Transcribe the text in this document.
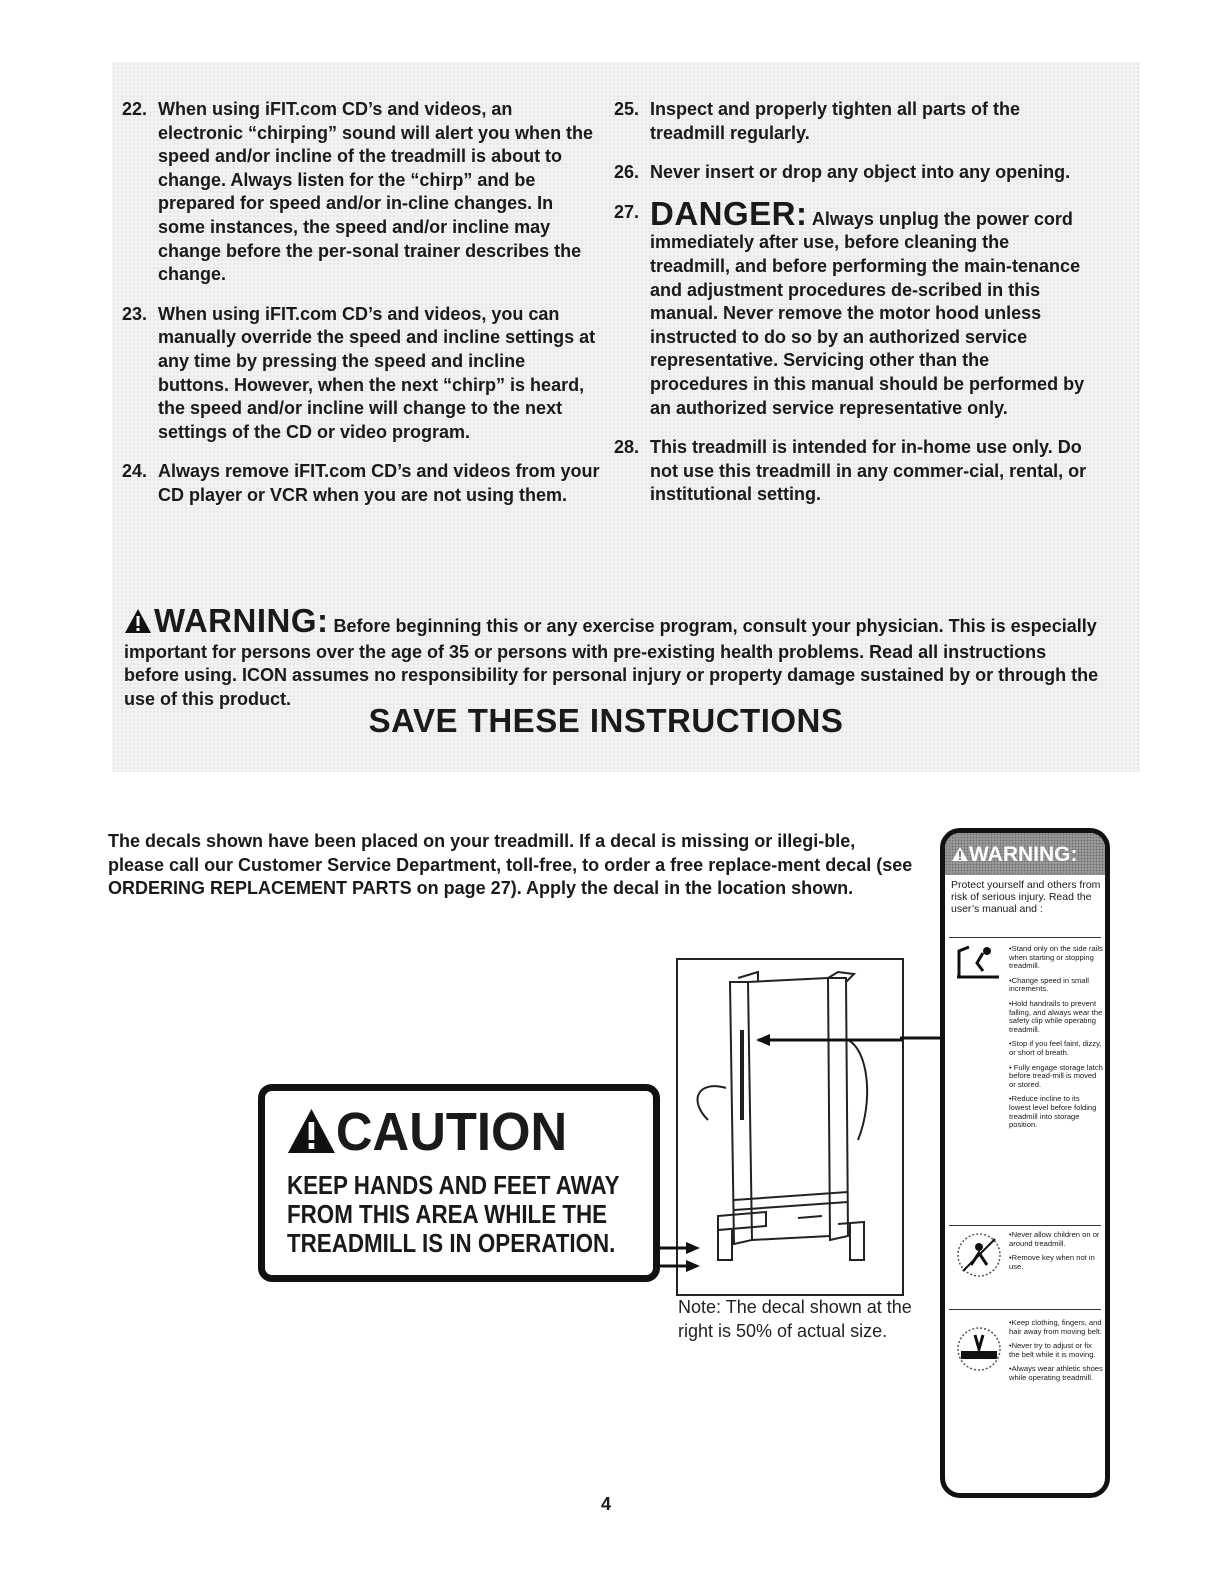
22. When using iFIT.com CD’s and videos, an electronic “chirping” sound will alert you when the speed and/or incline of the treadmill is about to change. Always listen for the “chirp” and be prepared for speed and/or in-cline changes. In some instances, the speed and/or incline may change before the per-sonal trainer describes the change.
23. When using iFIT.com CD’s and videos, you can manually override the speed and incline settings at any time by pressing the speed and incline buttons. However, when the next “chirp” is heard, the speed and/or incline will change to the next settings of the CD or video program.
24. Always remove iFIT.com CD’s and videos from your CD player or VCR when you are not using them.
25. Inspect and properly tighten all parts of the treadmill regularly.
26. Never insert or drop any object into any opening.
27. DANGER: Always unplug the power cord immediately after use, before cleaning the treadmill, and before performing the main-tenance and adjustment procedures de-scribed in this manual. Never remove the motor hood unless instructed to do so by an authorized service representative. Servicing other than the procedures in this manual should be performed by an authorized service representative only.
28. This treadmill is intended for in-home use only. Do not use this treadmill in any commer-cial, rental, or institutional setting.
WARNING: Before beginning this or any exercise program, consult your physician. This is especially important for persons over the age of 35 or persons with pre-existing health problems. Read all instructions before using. ICON assumes no responsibility for personal injury or property damage sustained by or through the use of this product.
SAVE THESE INSTRUCTIONS
The decals shown have been placed on your treadmill. If a decal is missing or illegi-ble, please call our Customer Service Department, toll-free, to order a free replace-ment decal (see ORDERING REPLACEMENT PARTS on page 27). Apply the decal in the location shown.
CAUTION
KEEP HANDS AND FEET AWAY
FROM THIS AREA WHILE THE
TREADMILL IS IN OPERATION.
Note: The decal shown at the right is 50% of actual size.
WARNING:
Protect yourself and others from risk of serious injury. Read the user’s manual and :

•Stand only on the side rails when starting or stopping treadmill.

•Change speed in small increments.

•Hold handrails to prevent falling, and always wear the safety clip while operating treadmill.

•Stop if you feel faint, dizzy, or short of breath.

• Fully engage storage latch before tread-mill is moved or stored.

•Reduce incline to its lowest level before folding treadmill into storage position.

•Never allow children on or around treadmill.

•Remove key when not in use.

•Keep clothing, fingers, and hair away from moving belt.

•Never try to adjust or fix the belt while it is moving.

•Always wear athletic shoes while operating treadmill.

4
